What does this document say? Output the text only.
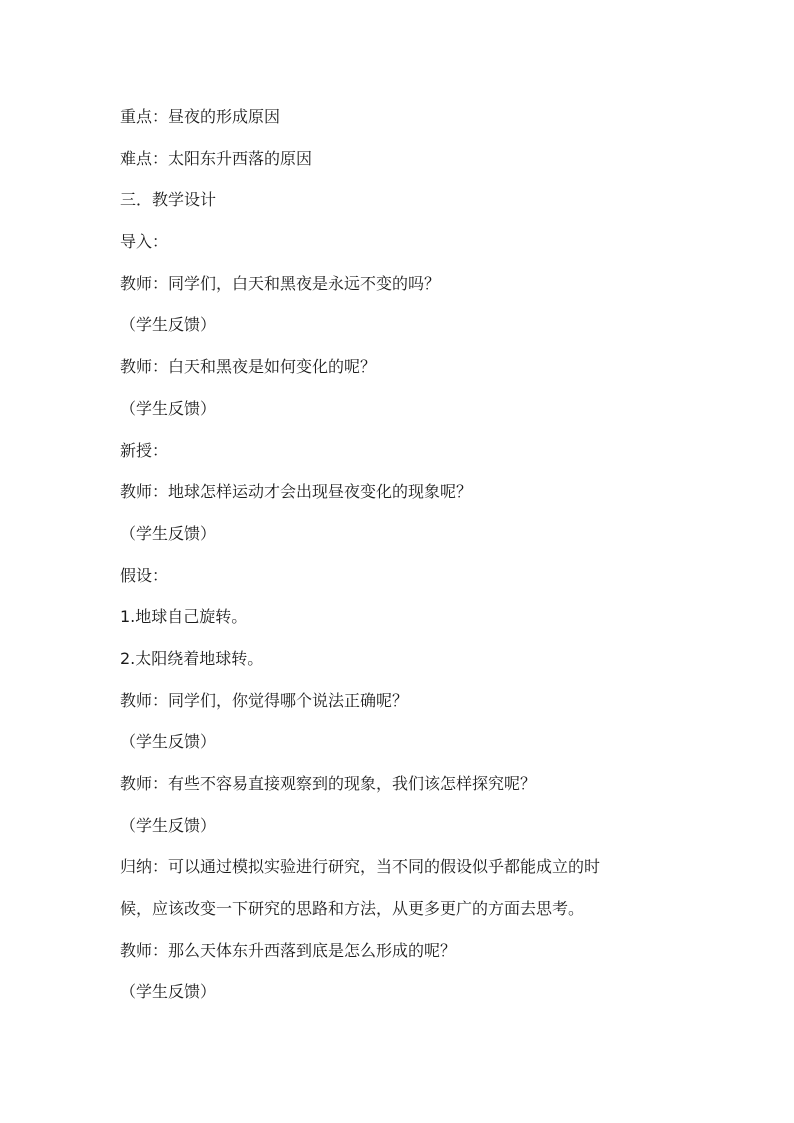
重点：昼夜的形成原因
难点：太阳东升西落的原因
三．教学设计
导入：
教师：同学们，白天和黑夜是永远不变的吗？
（学生反馈）
教师：白天和黑夜是如何变化的呢？
（学生反馈）
新授：
教师：地球怎样运动才会出现昼夜变化的现象呢？
（学生反馈）
假设：
1.地球自己旋转。
2.太阳绕着地球转。
教师：同学们，你觉得哪个说法正确呢？
（学生反馈）
教师：有些不容易直接观察到的现象，我们该怎样探究呢？
（学生反馈）
归纳：可以通过模拟实验进行研究，当不同的假设似乎都能成立的时
候，应该改变一下研究的思路和方法，从更多更广的方面去思考。
教师：那么天体东升西落到底是怎么形成的呢？
（学生反馈）
